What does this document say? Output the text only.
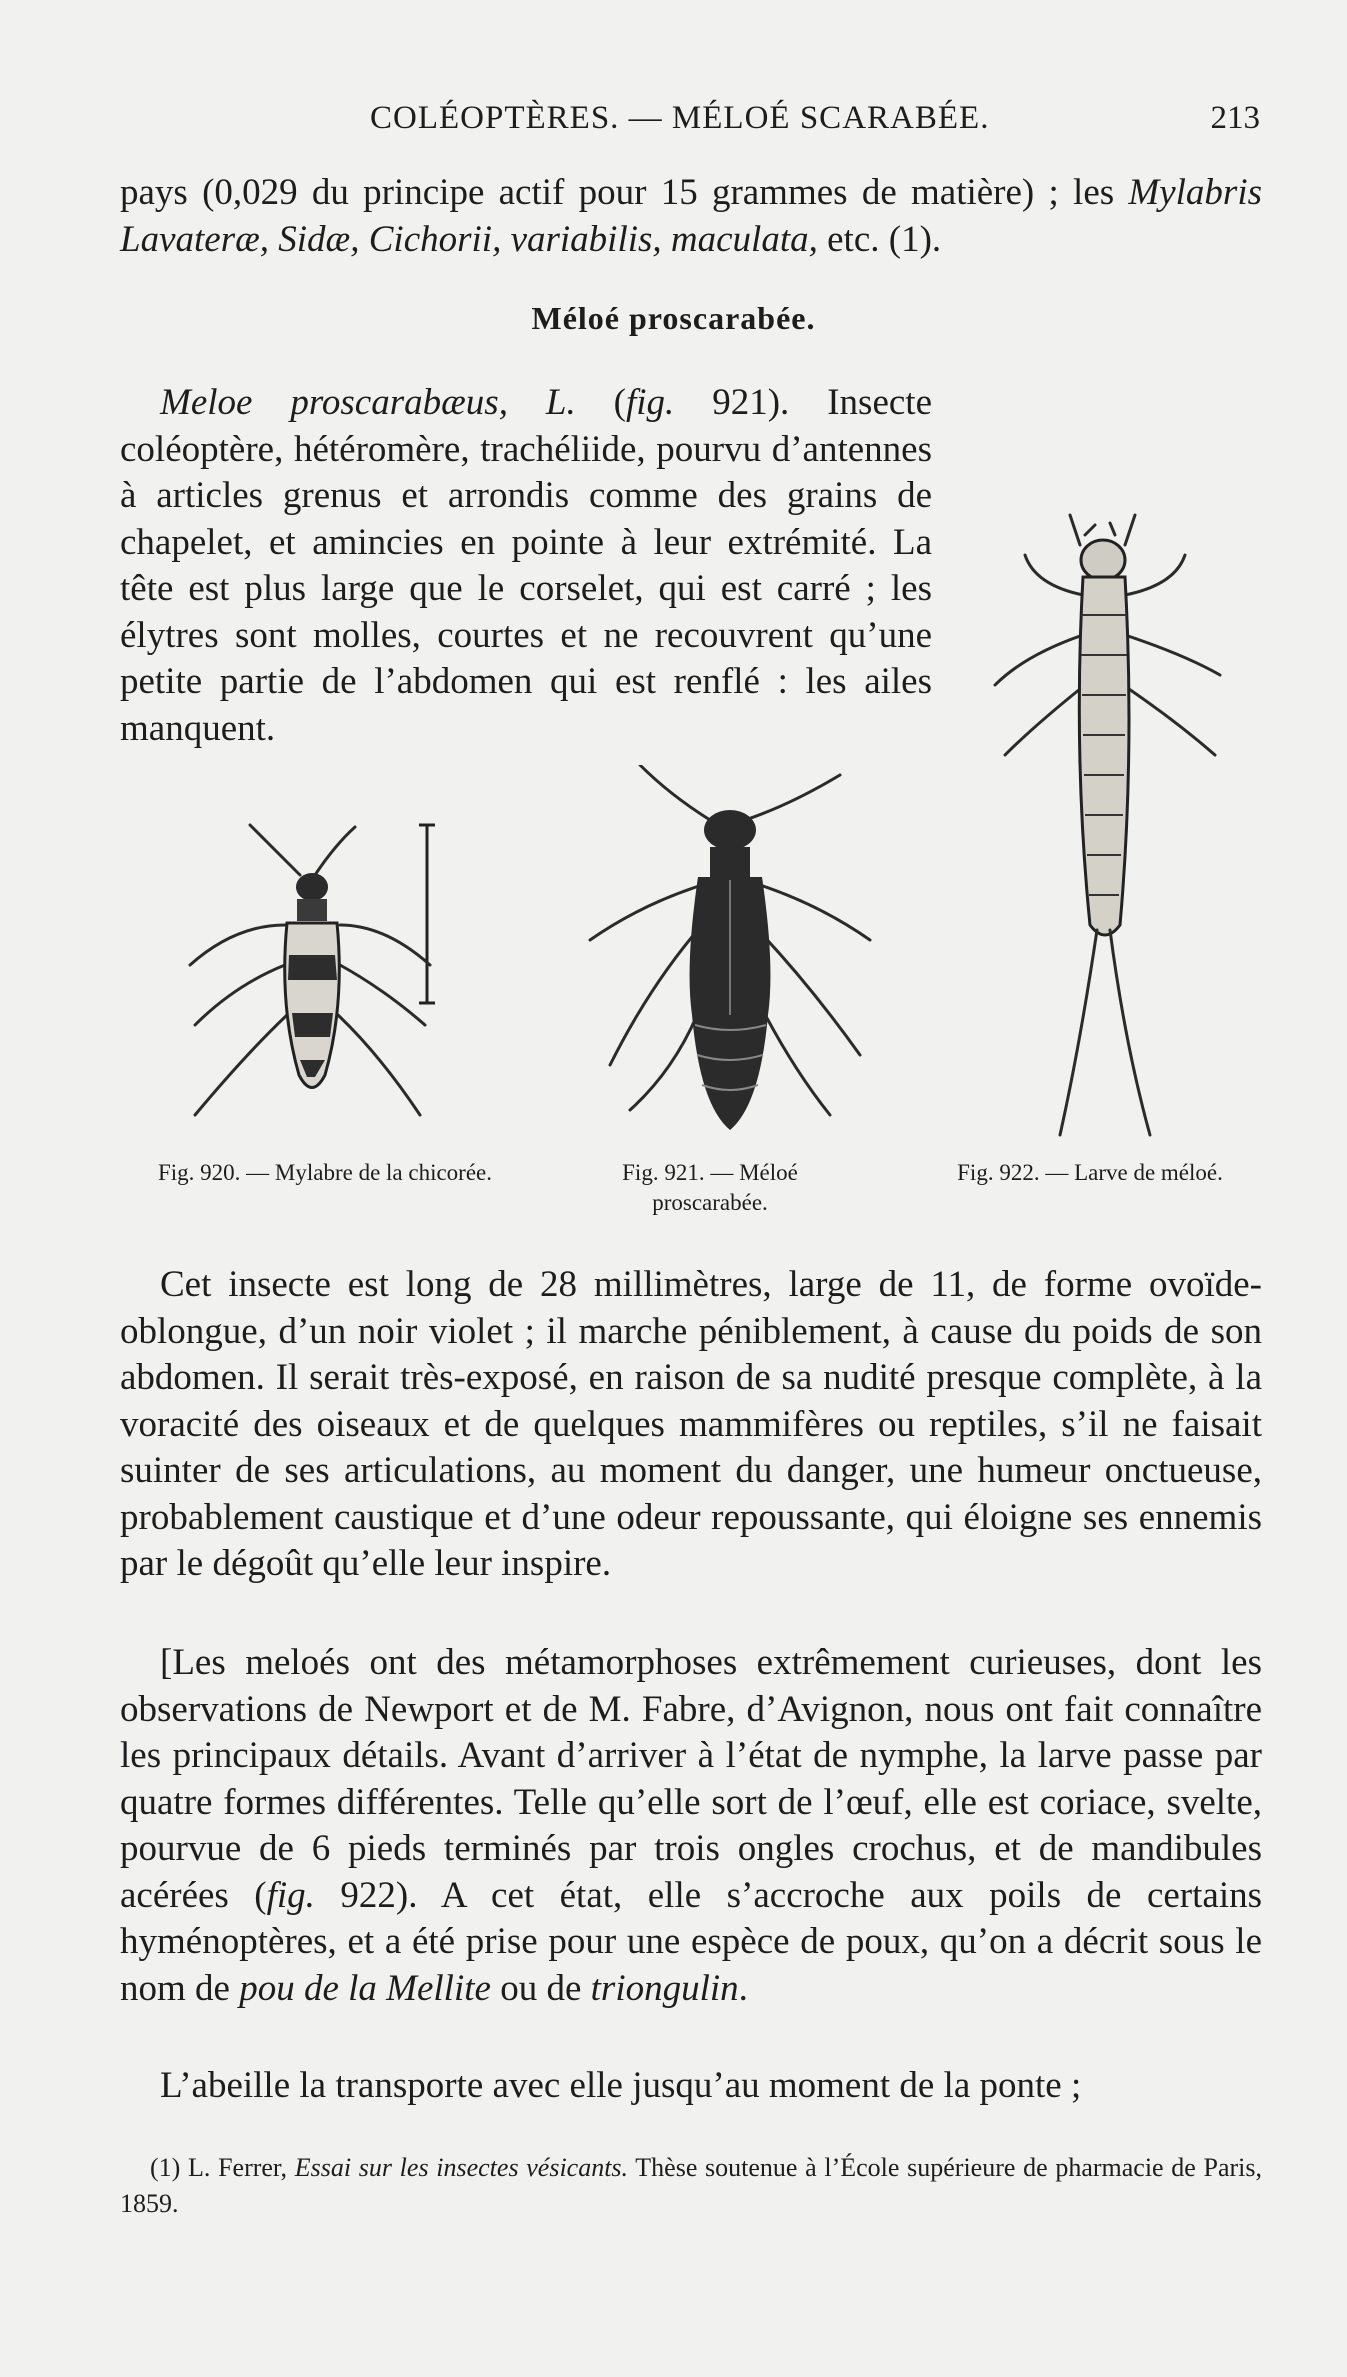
COLÉOPTÈRES. — MÉLOÉ SCARABÉE.	213

pays (0,029 du principe actif pour 15 grammes de matière) ; les Mylabris Lavateræ, Sidæ, Cichorii, variabilis, maculata, etc. (1).

Méloé proscarabée.

Meloe proscarabæus, L. (fig. 921). Insecte coléoptère, hétéromère, trachéliide, pourvu d’antennes à articles grenus et arrondis comme des grains de chapelet, et amincies en pointe à leur extrémité. La tête est plus large que le corselet, qui est carré ; les élytres sont molles, courtes et ne recouvrent qu’une petite partie de l’abdomen qui est renflé : les ailes manquent.

Fig. 920. — Mylabre de la chicorée.	Fig. 921. — Méloé proscarabée.
Fig. 922. — Larve de méloé.

Cet insecte est long de 28 millimètres, large de 11, de forme ovoïde-oblongue, d’un noir violet ; il marche péniblement, à cause du poids de son abdomen. Il serait très-exposé, en raison de sa nudité presque complète, à la voracité des oiseaux et de quelques mammifères ou reptiles, s’il ne faisait suinter de ses articulations, au moment du danger, une humeur onctueuse, probablement caustique et d’une odeur repoussante, qui éloigne ses ennemis par le dégoût qu’elle leur inspire.

[Les meloés ont des métamorphoses extrêmement curieuses, dont les observations de Newport et de M. Fabre, d’Avignon, nous ont fait connaître les principaux détails. Avant d’arriver à l’état de nymphe, la larve passe par quatre formes différentes. Telle qu’elle sort de l’œuf, elle est coriace, svelte, pourvue de 6 pieds terminés par trois ongles crochus, et de mandibules acérées (fig. 922). A cet état, elle s’accroche aux poils de certains hyménoptères, et a été prise pour une espèce de poux, qu’on a décrit sous le nom de pou de la Mellite ou de triongulin.

L’abeille la transporte avec elle jusqu’au moment de la ponte ;

(1) L. Ferrer, Essai sur les insectes vésicants. Thèse soutenue à l’École supérieure de pharmacie de Paris, 1859.
